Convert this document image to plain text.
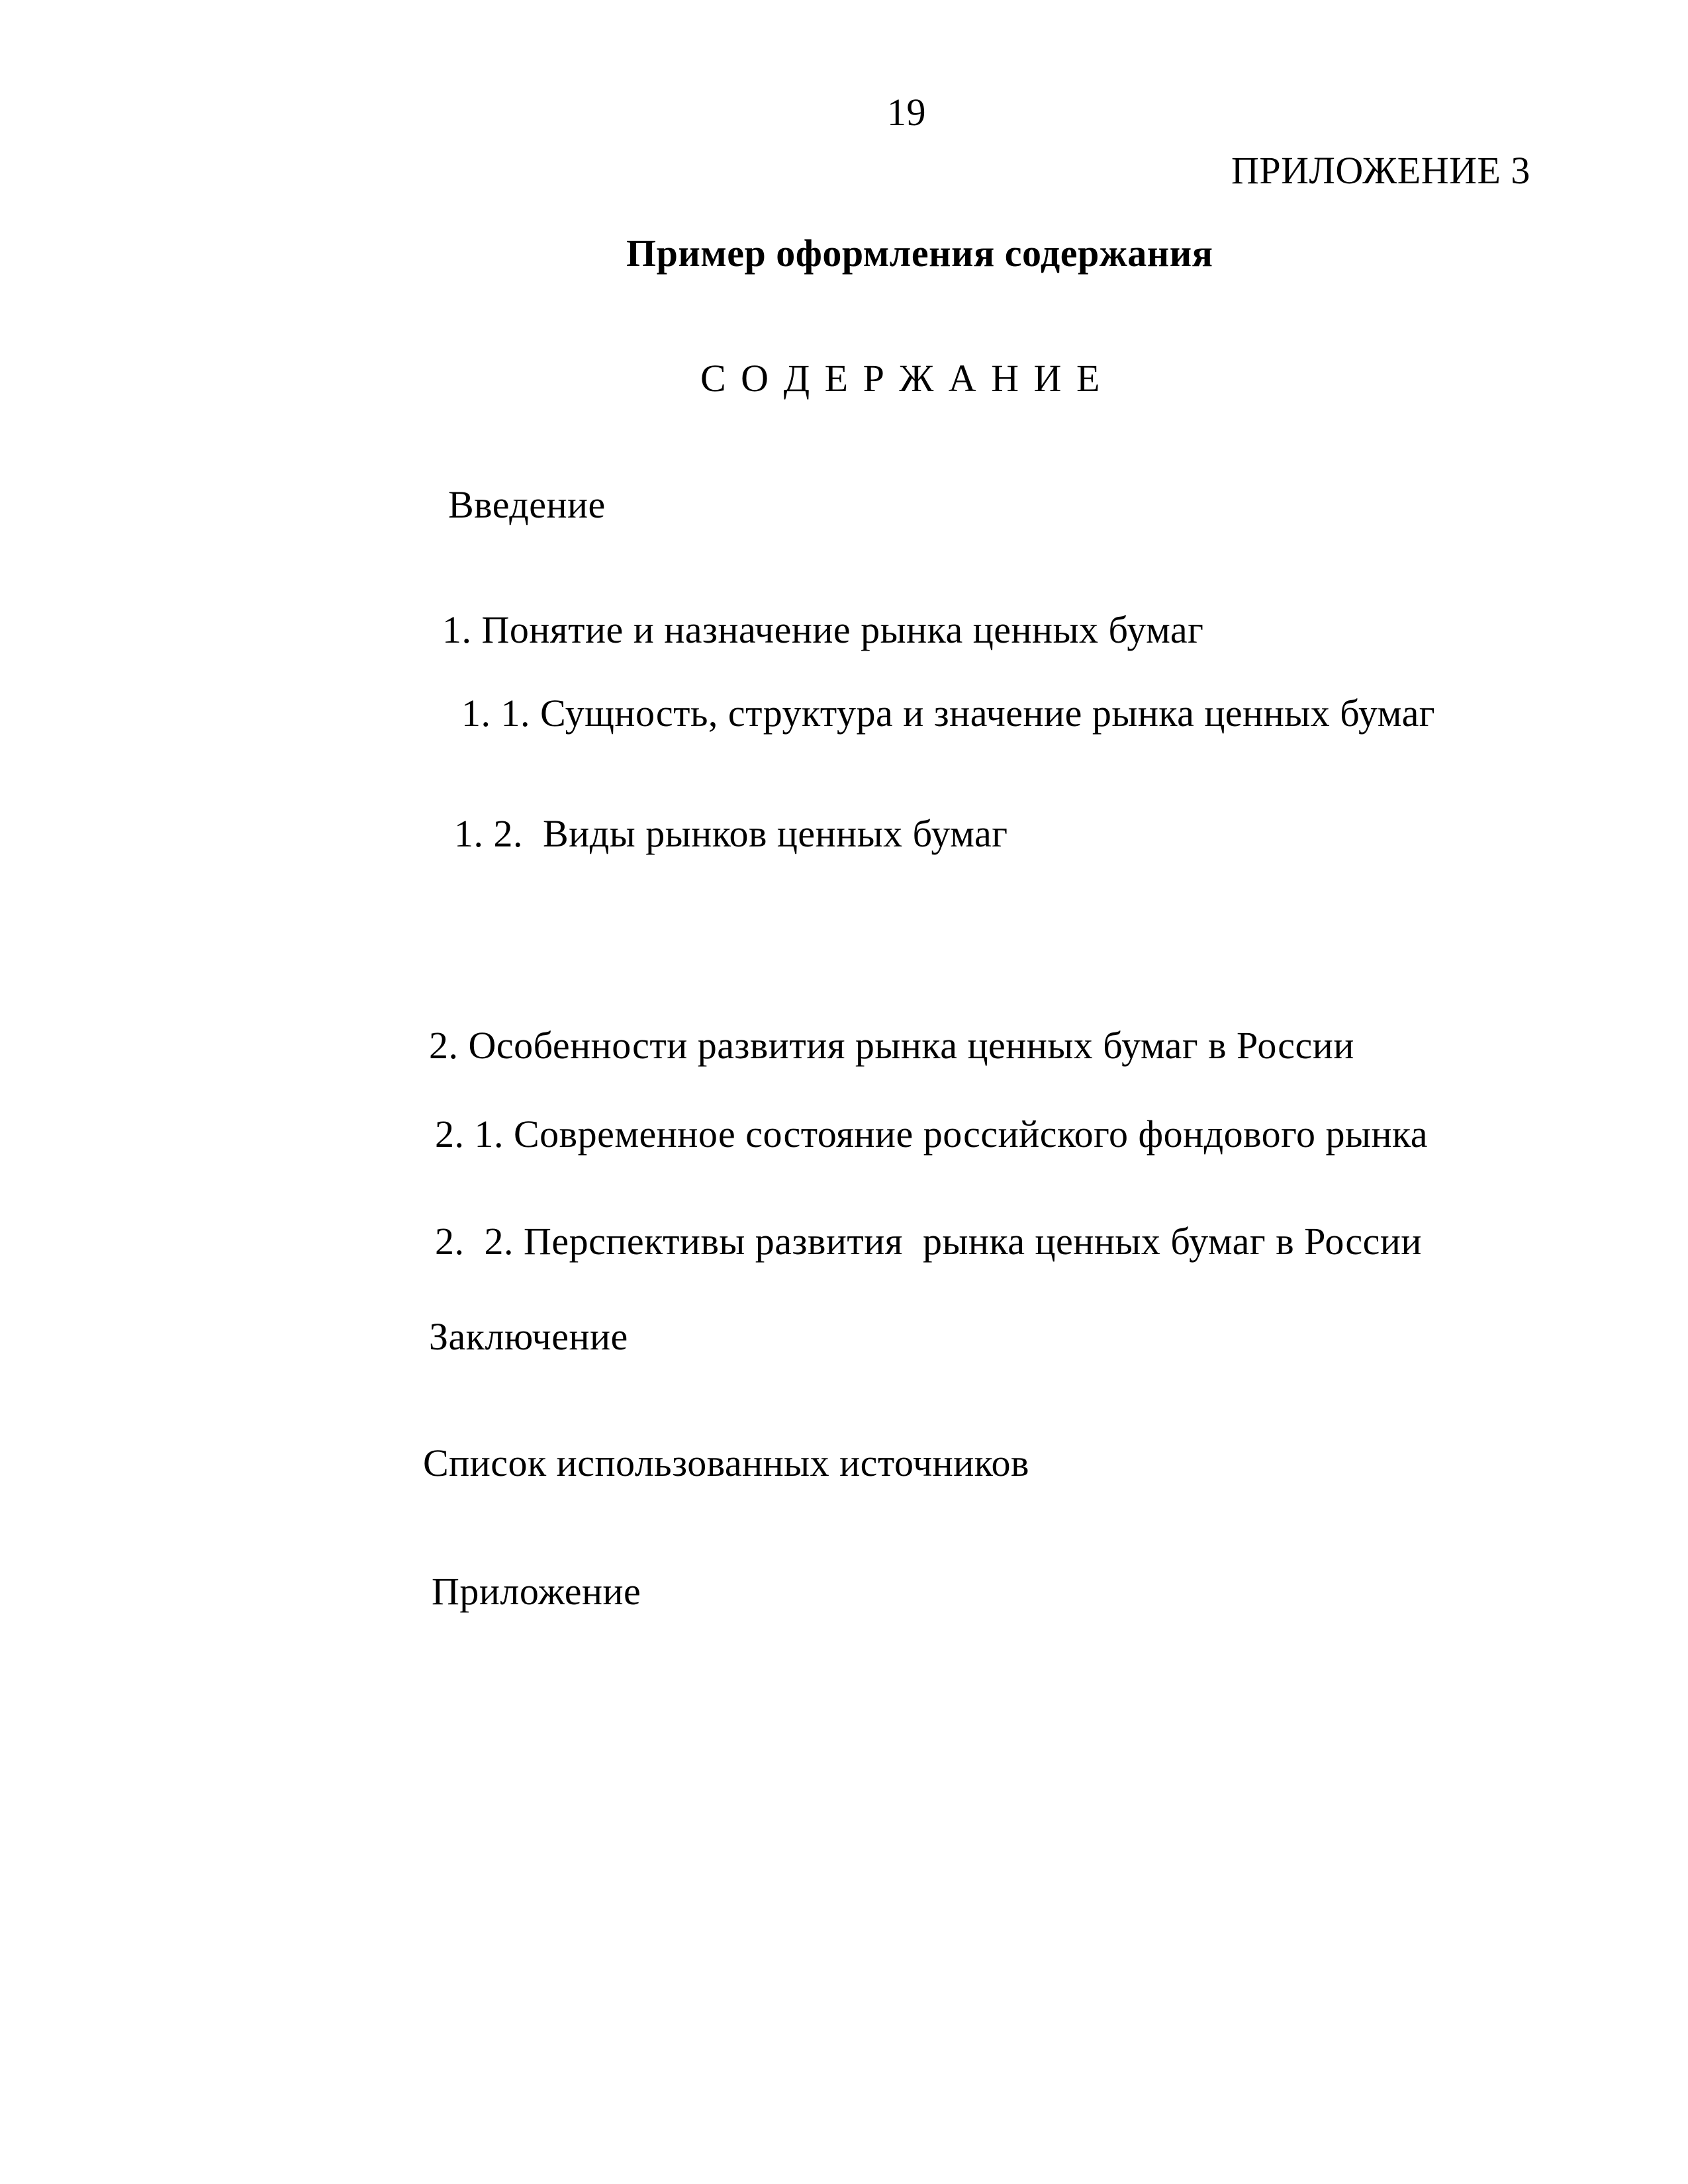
19
ПРИЛОЖЕНИЕ 3
Пример оформления содержания
С О Д Е Р Ж А Н И Е
Введение
1. Понятие и назначение рынка ценных бумаг
1. 1. Сущность, структура и значение рынка ценных бумаг
1. 2.  Виды рынков ценных бумаг
2. Особенности развития рынка ценных бумаг в России
2. 1. Современное состояние российского фондового рынка
2.  2. Перспективы развития  рынка ценных бумаг в России
Заключение
Список использованных источников
Приложение
